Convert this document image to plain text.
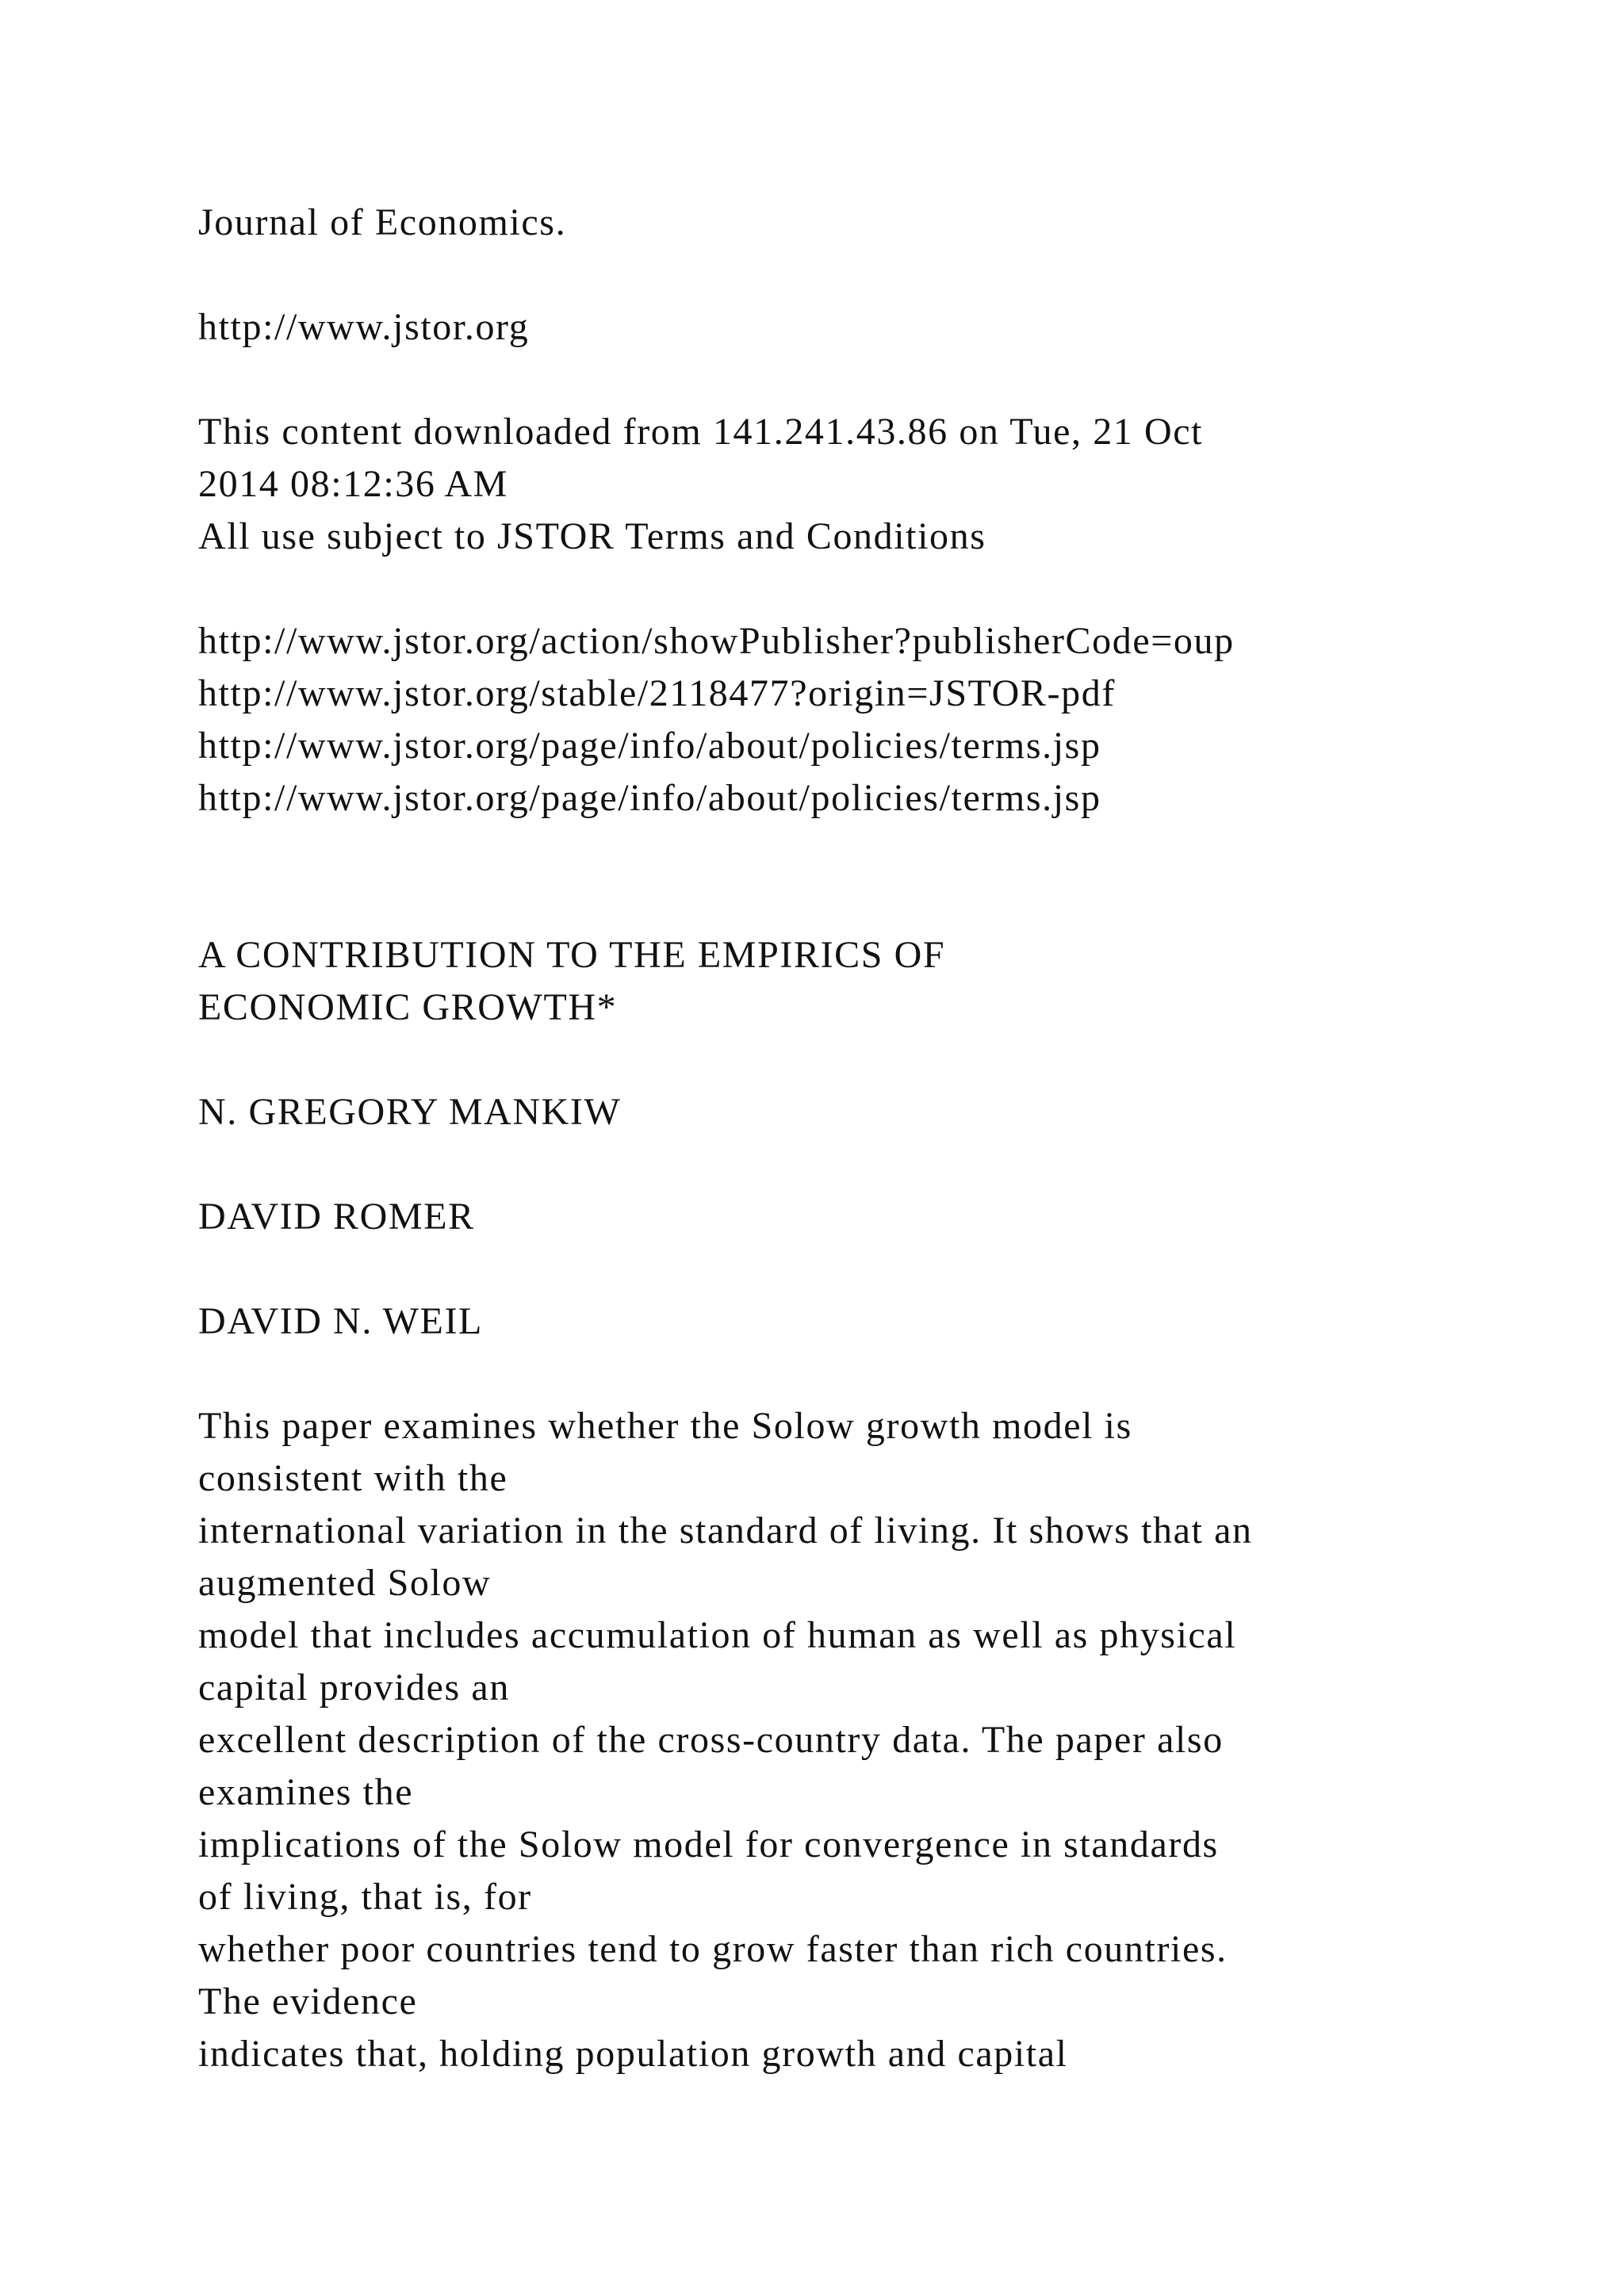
Journal of Economics.
http://www.jstor.org
This content downloaded from 141.241.43.86 on Tue, 21 Oct
2014 08:12:36 AM
All use subject to JSTOR Terms and Conditions
http://www.jstor.org/action/showPublisher?publisherCode=oup
http://www.jstor.org/stable/2118477?origin=JSTOR-pdf
http://www.jstor.org/page/info/about/policies/terms.jsp
http://www.jstor.org/page/info/about/policies/terms.jsp
A CONTRIBUTION TO THE EMPIRICS OF
ECONOMIC GROWTH*
N. GREGORY MANKIW
DAVID ROMER
DAVID N. WEIL
This paper examines whether the Solow growth model is
consistent with the
international variation in the standard of living. It shows that an
augmented Solow
model that includes accumulation of human as well as physical
capital provides an
excellent description of the cross-country data. The paper also
examines the
implications of the Solow model for convergence in standards
of living, that is, for
whether poor countries tend to grow faster than rich countries.
The evidence
indicates that, holding population growth and capital
